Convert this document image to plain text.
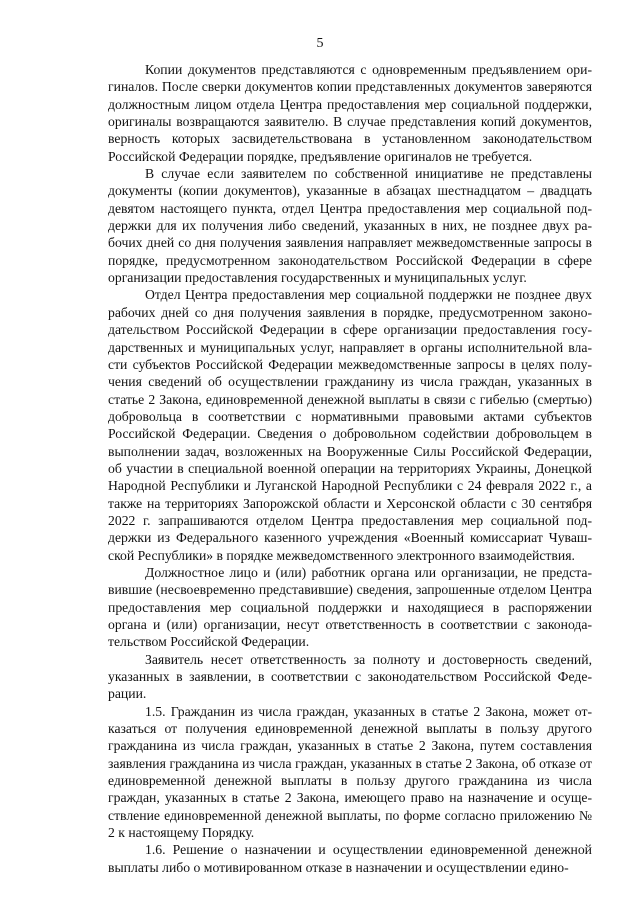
5

Копии документов представляются с одновременным предъявлением оригиналов. После сверки документов копии представленных документов заверяются должностным лицом отдела Центра предоставления мер социальной поддержки, оригиналы возвращаются заявителю. В случае представления копий документов, верность которых засвидетельствована в установленном законодательством Российской Федерации порядке, предъявление оригиналов не требуется.

В случае если заявителем по собственной инициативе не представлены документы (копии документов), указанные в абзацах шестнадцатом – двадцать девятом настоящего пункта, отдел Центра предоставления мер социальной поддержки для их получения либо сведений, указанных в них, не позднее двух рабочих дней со дня получения заявления направляет межведомственные запросы в порядке, предусмотренном законодательством Российской Федерации в сфере организации предоставления государственных и муниципальных услуг.

Отдел Центра предоставления мер социальной поддержки не позднее двух рабочих дней со дня получения заявления в порядке, предусмотренном законодательством Российской Федерации в сфере организации предоставления государственных и муниципальных услуг, направляет в органы исполнительной власти субъектов Российской Федерации межведомственные запросы в целях получения сведений об осуществлении гражданину из числа граждан, указанных в статье 2 Закона, единовременной денежной выплаты в связи с гибелью (смертью) добровольца в соответствии с нормативными правовыми актами субъектов Российской Федерации. Сведения о добровольном содействии добровольцем в выполнении задач, возложенных на Вооруженные Силы Российской Федерации, об участии в специальной военной операции на территориях Украины, Донецкой Народной Республики и Луганской Народной Республики с 24 февраля 2022 г., а также на территориях Запорожской области и Херсонской области с 30 сентября 2022 г. запрашиваются отделом Центра предоставления мер социальной поддержки из Федерального казенного учреждения «Военный комиссариат Чувашской Республики» в порядке межведомственного электронного взаимодействия.

Должностное лицо и (или) работник органа или организации, не представившие (несвоевременно представившие) сведения, запрошенные отделом Центра предоставления мер социальной поддержки и находящиеся в распоряжении органа и (или) организации, несут ответственность в соответствии с законодательством Российской Федерации.

Заявитель несет ответственность за полноту и достоверность сведений, указанных в заявлении, в соответствии с законодательством Российской Федерации.

1.5. Гражданин из числа граждан, указанных в статье 2 Закона, может отказаться от получения единовременной денежной выплаты в пользу другого гражданина из числа граждан, указанных в статье 2 Закона, путем составления заявления гражданина из числа граждан, указанных в статье 2 Закона, об отказе от единовременной денежной выплаты в пользу другого гражданина из числа граждан, указанных в статье 2 Закона, имеющего право на назначение и осуществление единовременной денежной выплаты, по форме согласно приложению № 2 к настоящему Порядку.

1.6. Решение о назначении и осуществлении единовременной денежной выплаты либо о мотивированном отказе в назначении и осуществлении едино-
